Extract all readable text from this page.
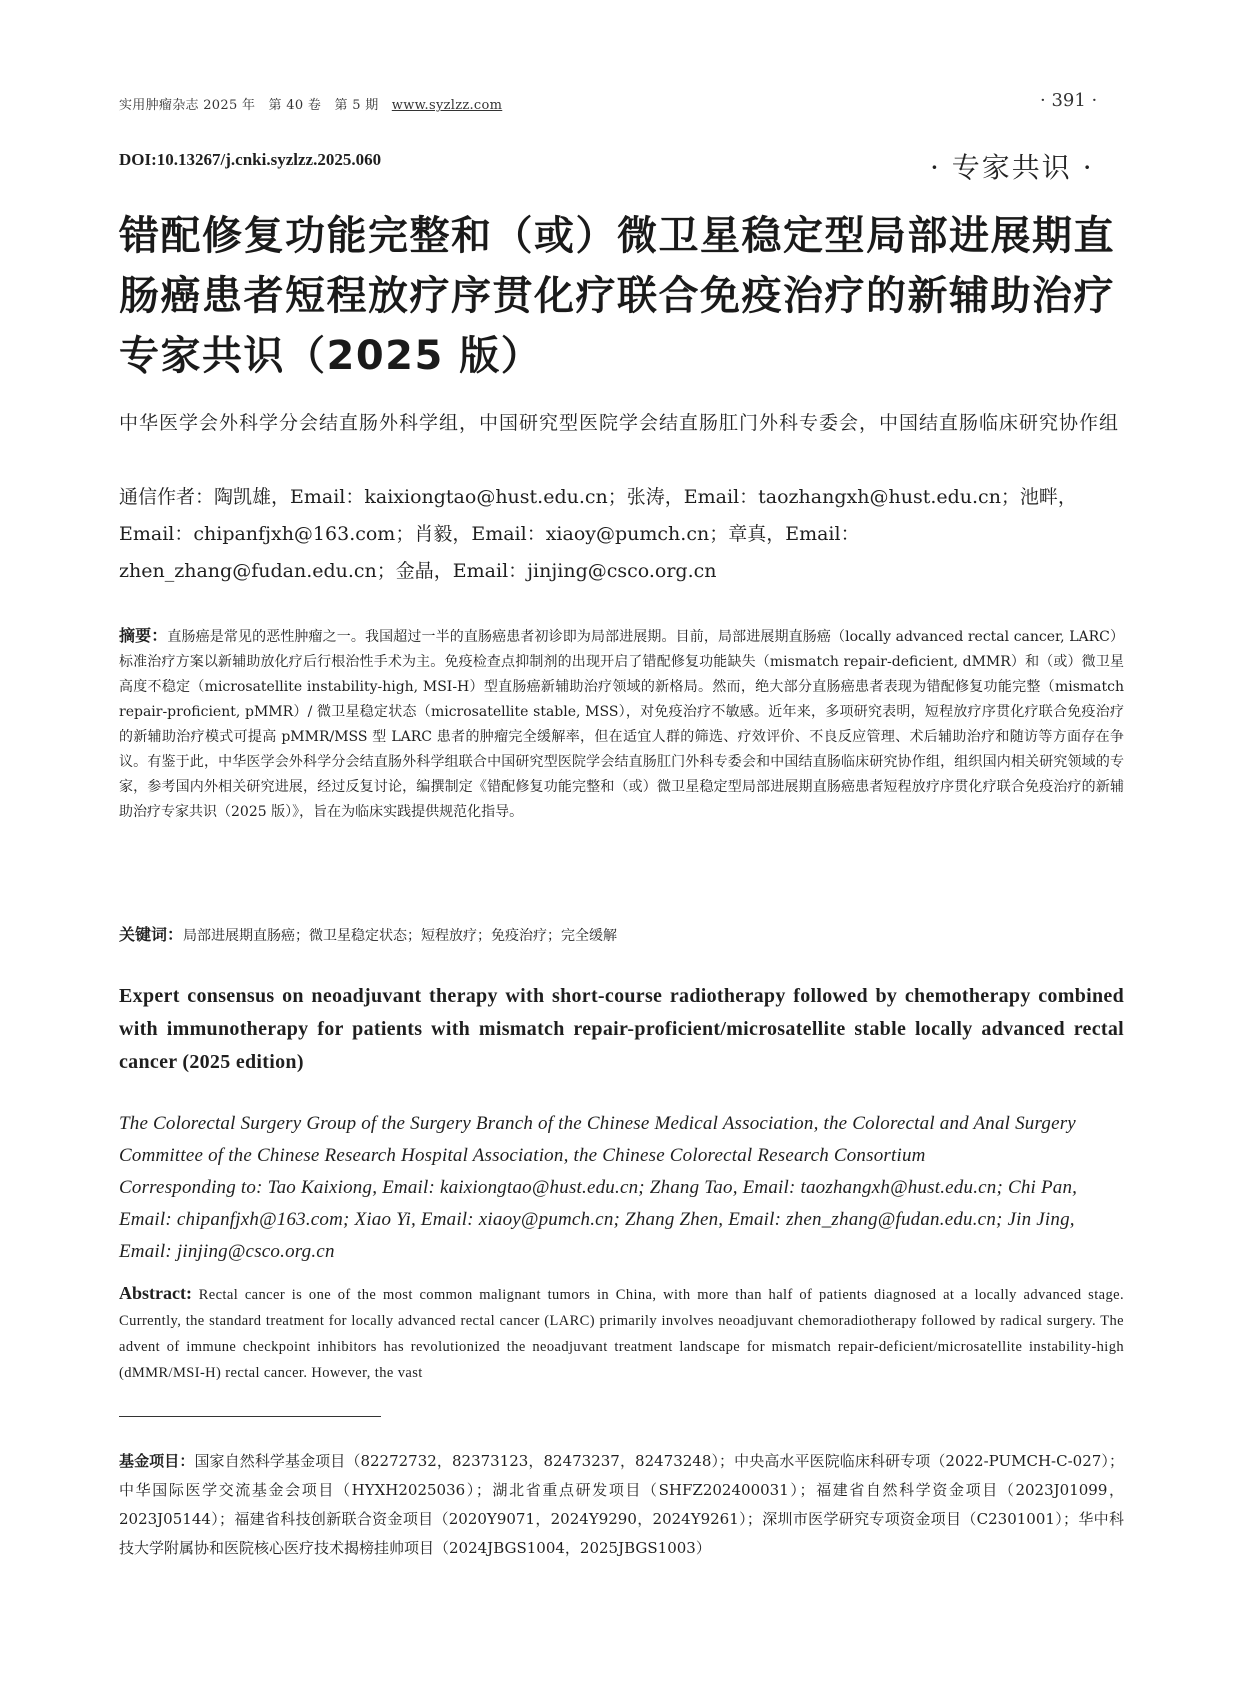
实用肿瘤杂志 2025 年　第 40 卷　第 5 期　www.syzlzz.com	· 391 ·
DOI:10.13267/j.cnki.syzlzz.2025.060	· 专家共识 ·
错配修复功能完整和（或）微卫星稳定型局部进展期直肠癌患者短程放疗序贯化疗联合免疫治疗的新辅助治疗专家共识（2025 版）
中华医学会外科学分会结直肠外科学组，中国研究型医院学会结直肠肛门外科专委会，中国结直肠临床研究协作组
通信作者：陶凯雄，Email：kaixiongtao@hust.edu.cn；张涛，Email：taozhangxh@hust.edu.cn；池畔，Email：chipanfjxh@163.com；肖毅，Email：xiaoy@pumch.cn；章真，Email：zhen_zhang@fudan.edu.cn；金晶，Email：jinjing@csco.org.cn
摘要：直肠癌是常见的恶性肿瘤之一。我国超过一半的直肠癌患者初诊即为局部进展期。目前，局部进展期直肠癌（locally advanced rectal cancer, LARC）标准治疗方案以新辅助放化疗后行根治性手术为主。免疫检查点抑制剂的出现开启了错配修复功能缺失（mismatch repair-deficient, dMMR）和（或）微卫星高度不稳定（microsatellite instability-high, MSI-H）型直肠癌新辅助治疗领域的新格局。然而，绝大部分直肠癌患者表现为错配修复功能完整（mismatch repair-proficient, pMMR）/ 微卫星稳定状态（microsatellite stable, MSS），对免疫治疗不敏感。近年来，多项研究表明，短程放疗序贯化疗联合免疫治疗的新辅助治疗模式可提高 pMMR/MSS 型 LARC 患者的肿瘤完全缓解率，但在适宜人群的筛选、疗效评价、不良反应管理、术后辅助治疗和随访等方面存在争议。有鉴于此，中华医学会外科学分会结直肠外科学组联合中国研究型医院学会结直肠肛门外科专委会和中国结直肠临床研究协作组，组织国内相关研究领域的专家，参考国内外相关研究进展，经过反复讨论，编撰制定《错配修复功能完整和（或）微卫星稳定型局部进展期直肠癌患者短程放疗序贯化疗联合免疫治疗的新辅助治疗专家共识（2025 版）》，旨在为临床实践提供规范化指导。
关键词：局部进展期直肠癌；微卫星稳定状态；短程放疗；免疫治疗；完全缓解
Expert consensus on neoadjuvant therapy with short-course radiotherapy followed by chemotherapy combined with immunotherapy for patients with mismatch repair-proficient/microsatellite stable locally advanced rectal cancer (2025 edition)
The Colorectal Surgery Group of the Surgery Branch of the Chinese Medical Association, the Colorectal and Anal Surgery Committee of the Chinese Research Hospital Association, the Chinese Colorectal Research Consortium
Corresponding to: Tao Kaixiong, Email: kaixiongtao@hust.edu.cn; Zhang Tao, Email: taozhangxh@hust.edu.cn; Chi Pan, Email: chipanfjxh@163.com; Xiao Yi, Email: xiaoy@pumch.cn; Zhang Zhen, Email: zhen_zhang@fudan.edu.cn; Jin Jing, Email: jinjing@csco.org.cn
Abstract: Rectal cancer is one of the most common malignant tumors in China, with more than half of patients diagnosed at a locally advanced stage. Currently, the standard treatment for locally advanced rectal cancer (LARC) primarily involves neoadjuvant chemoradiotherapy followed by radical surgery. The advent of immune checkpoint inhibitors has revolutionized the neoadjuvant treatment landscape for mismatch repair-deficient/microsatellite instability-high (dMMR/MSI-H) rectal cancer. However, the vast
基金项目：国家自然科学基金项目（82272732，82373123，82473237，82473248）；中央高水平医院临床科研专项（2022-PUMCH-C-027）；中华国际医学交流基金会项目（HYXH2025036）；湖北省重点研发项目（SHFZ202400031）；福建省自然科学资金项目（2023J01099，2023J05144）；福建省科技创新联合资金项目（2020Y9071，2024Y9290，2024Y9261）；深圳市医学研究专项资金项目（C2301001）；华中科技大学附属协和医院核心医疗技术揭榜挂帅项目（2024JBGS1004，2025JBGS1003）
